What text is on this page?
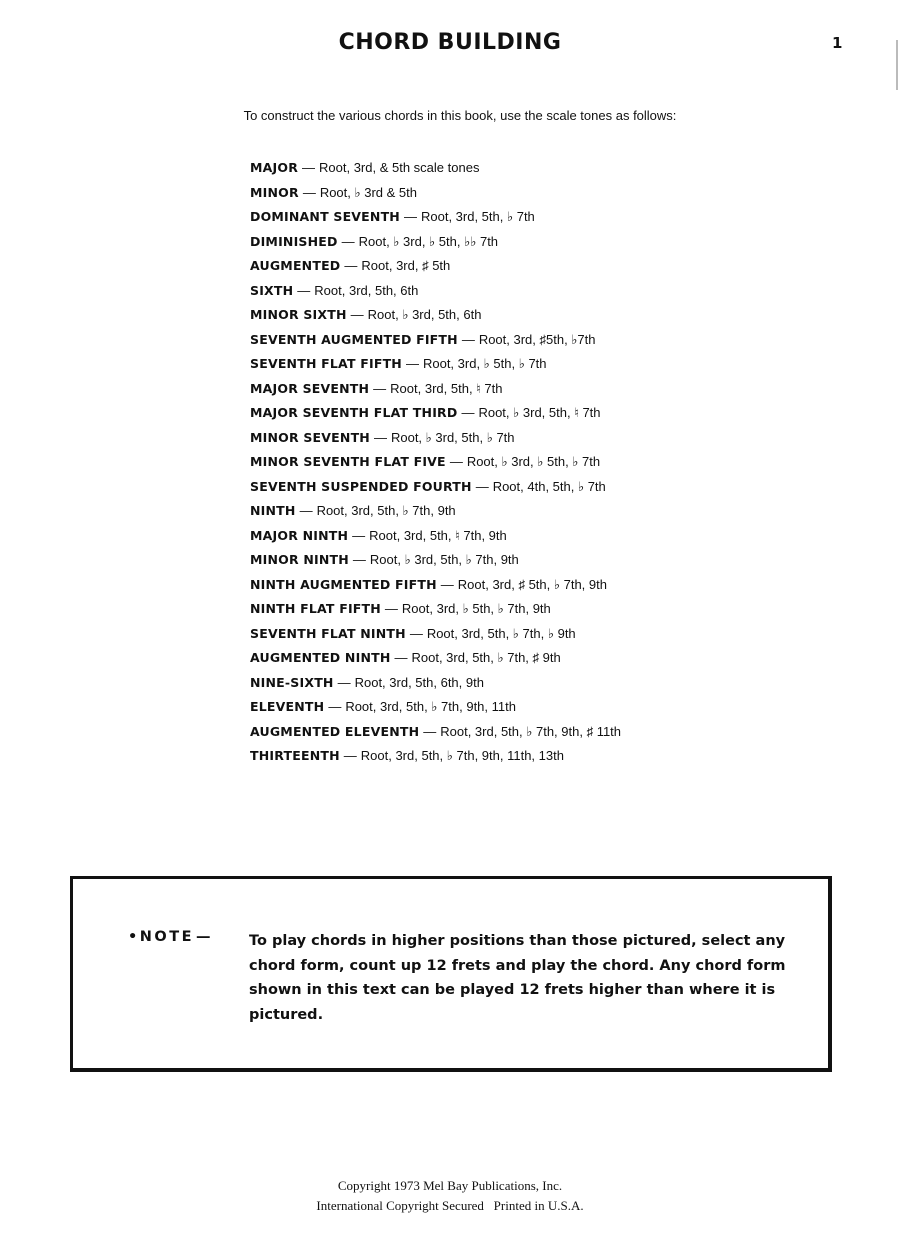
CHORD BUILDING	1
To construct the various chords in this book, use the scale tones as follows:
MAJOR — Root, 3rd, & 5th scale tones
MINOR — Root, ♭ 3rd & 5th
DOMINANT SEVENTH — Root, 3rd, 5th, ♭ 7th
DIMINISHED — Root, ♭ 3rd, ♭ 5th, ♭♭ 7th
AUGMENTED — Root, 3rd, ♯ 5th
SIXTH — Root, 3rd, 5th, 6th
MINOR SIXTH — Root, ♭ 3rd, 5th, 6th
SEVENTH AUGMENTED FIFTH — Root, 3rd, ♯5th, ♭7th
SEVENTH FLAT FIFTH — Root, 3rd, ♭ 5th, ♭ 7th
MAJOR SEVENTH — Root, 3rd, 5th, ♮ 7th
MAJOR SEVENTH FLAT THIRD — Root, ♭ 3rd, 5th, ♮ 7th
MINOR SEVENTH — Root, ♭ 3rd, 5th, ♭ 7th
MINOR SEVENTH FLAT FIVE — Root, ♭ 3rd, ♭ 5th, ♭ 7th
SEVENTH SUSPENDED FOURTH — Root, 4th, 5th, ♭ 7th
NINTH — Root, 3rd, 5th, ♭ 7th, 9th
MAJOR NINTH — Root, 3rd, 5th, ♮ 7th, 9th
MINOR NINTH — Root, ♭ 3rd, 5th, ♭ 7th, 9th
NINTH AUGMENTED FIFTH — Root, 3rd, ♯ 5th, ♭ 7th, 9th
NINTH FLAT FIFTH — Root, 3rd, ♭ 5th, ♭ 7th, 9th
SEVENTH FLAT NINTH — Root, 3rd, 5th, ♭ 7th, ♭ 9th
AUGMENTED NINTH — Root, 3rd, 5th, ♭ 7th, ♯ 9th
NINE-SIXTH — Root, 3rd, 5th, 6th, 9th
ELEVENTH — Root, 3rd, 5th, ♭ 7th, 9th, 11th
AUGMENTED ELEVENTH — Root, 3rd, 5th, ♭ 7th, 9th, ♯ 11th
THIRTEENTH — Root, 3rd, 5th, ♭ 7th, 9th, 11th, 13th
•NOTE —	To play chords in higher positions than those pictured, select any chord form, count up 12 frets and play the chord. Any chord form shown in this text can be played 12 frets higher than where it is pictured.
Copyright 1973 Mel Bay Publications, Inc.
International Copyright Secured   Printed in U.S.A.
